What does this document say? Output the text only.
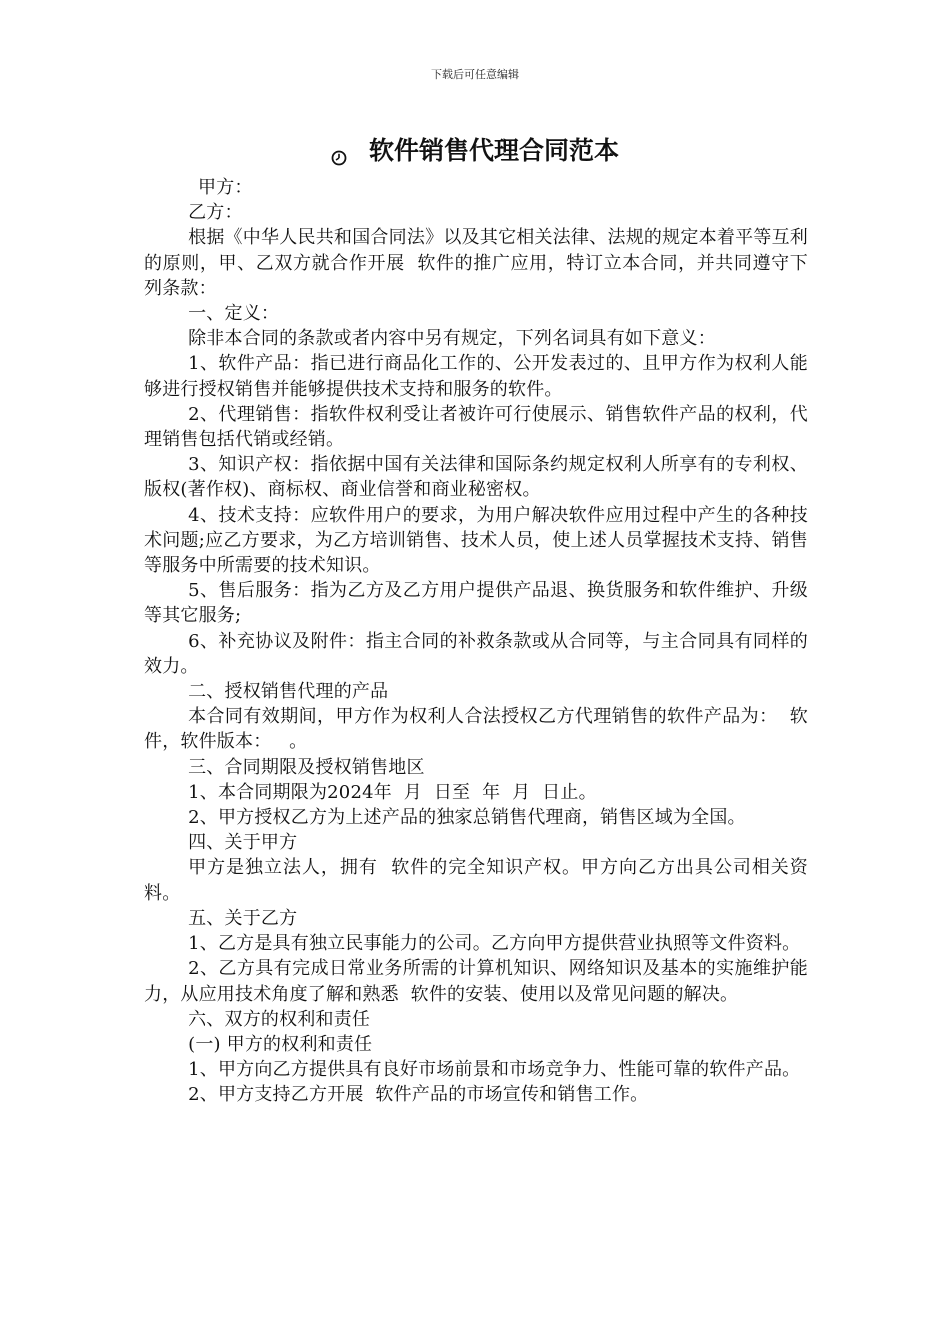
下载后可任意编辑
软件销售代理合同范本

甲方：

乙方：

根据《中华人民共和国合同法》以及其它相关法律、法规的规定本着平等互利的原则，甲、乙双方就合作开展  软件的推广应用，特订立本合同，并共同遵守下列条款：

一、定义：

除非本合同的条款或者内容中另有规定，下列名词具有如下意义：

1、软件产品：指已进行商品化工作的、公开发表过的、且甲方作为权利人能够进行授权销售并能够提供技术支持和服务的软件。

2、代理销售：指软件权利受让者被许可行使展示、销售软件产品的权利，代理销售包括代销或经销。

3、知识产权：指依据中国有关法律和国际条约规定权利人所享有的专利权、版权(著作权)、商标权、商业信誉和商业秘密权。

4、技术支持：应软件用户的要求，为用户解决软件应用过程中产生的各种技术问题;应乙方要求，为乙方培训销售、技术人员，使上述人员掌握技术支持、销售等服务中所需要的技术知识。

5、售后服务：指为乙方及乙方用户提供产品退、换货服务和软件维护、升级等其它服务;

6、补充协议及附件：指主合同的补救条款或从合同等，与主合同具有同样的效力。

二、授权销售代理的产品

本合同有效期间，甲方作为权利人合法授权乙方代理销售的软件产品为：  软件，软件版本：   。

三、合同期限及授权销售地区

1、本合同期限为2024年  月  日至  年  月  日止。

2、甲方授权乙方为上述产品的独家总销售代理商，销售区域为全国。

四、关于甲方

甲方是独立法人，拥有  软件的完全知识产权。甲方向乙方出具公司相关资料。

五、关于乙方

1、乙方是具有独立民事能力的公司。乙方向甲方提供营业执照等文件资料。

2、乙方具有完成日常业务所需的计算机知识、网络知识及基本的实施维护能力，从应用技术角度了解和熟悉  软件的安装、使用以及常见问题的解决。

六、双方的权利和责任

(一) 甲方的权利和责任

1、甲方向乙方提供具有良好市场前景和市场竞争力、性能可靠的软件产品。

2、甲方支持乙方开展  软件产品的市场宣传和销售工作。
